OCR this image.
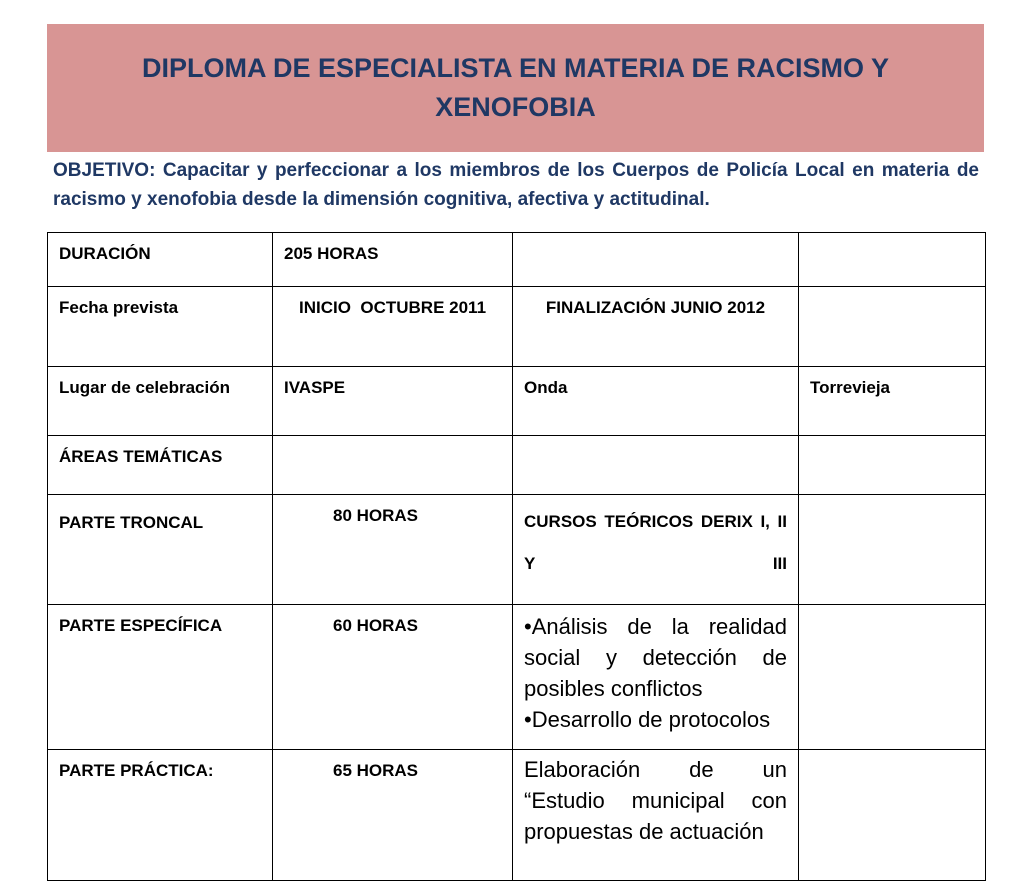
DIPLOMA DE ESPECIALISTA EN MATERIA DE RACISMO Y XENOFOBIA
OBJETIVO: Capacitar y perfeccionar a los miembros de los Cuerpos de Policía Local en materia de racismo y xenofobia desde la dimensión cognitiva, afectiva y actitudinal.
DURACIÓN	205 HORAS		
Fecha prevista	INICIO  OCTUBRE 2011	FINALIZACIÓN JUNIO 2012	
Lugar de celebración	IVASPE	Onda	Torrevieja
ÁREAS TEMÁTICAS			
PARTE TRONCAL	80 HORAS	CURSOS TEÓRICOS DERIX I, II Y III	

PARTE ESPECÍFICA	60 HORAS	•Análisis de la realidad social y detección de posibles conflictos
•Desarrollo de protocolos	

PARTE PRÁCTICA:	65 HORAS	Elaboración de un “Estudio municipal con propuestas de actuación	
